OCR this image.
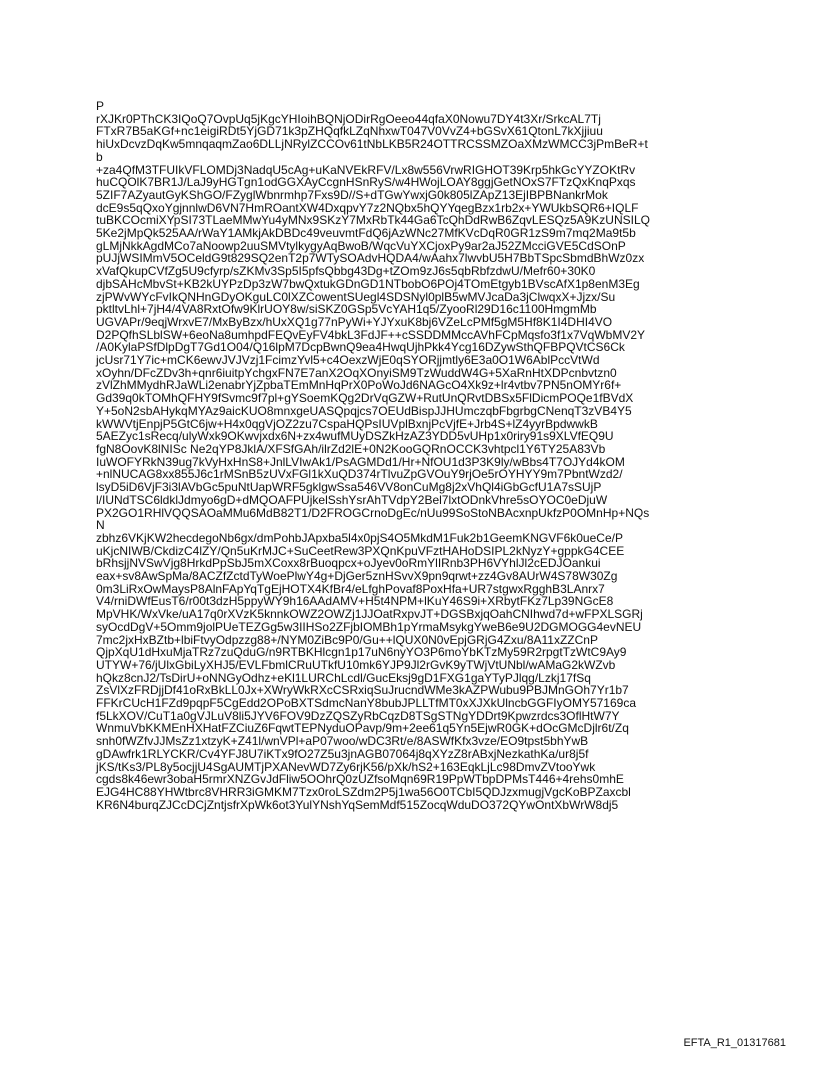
P
rXJKr0PThCK3IQoQ7OvpUq5jKgcYHIoihBQNjODirRgOeeo44qfaX0Nowu7DY4t3Xr/SrkcAL7Tj
FTxR7B5aKGf+nc1eigiRDt5YjGD71k3pZHQqfkLZqNhxwT047V0VvZ4+bGSvX61QtonL7kXjjiuu
hiUxDcvzDqKw5mnqaqmZao6DLLjNRylZCCOv61tNbLKB5R24OTTRCSSMZOaXMzWMCC3jPmBeR+t
b
+za4QfM3TFUIkVFLOMDj3NadqU5cAg+uKaNVEkRFV/Lx8w556VrwRIGHOT39Krp5hkGcYYZOKtRv
huCQOlK7BR1J/LaJ9yHGTgn1odGGXAyCcgnHSnRyS/w4HWojLOAY8ggjGetNOxS7FTzQxKnqPxqs
5ZIF7AZyautGyKShGO/FZyglWbnrmhp7Fxs9D//S+dTGwYwxjG0k805lZApZ13EjIBPBNankrMok
dcE9s5qQxoYgjnnlwD6VN7HmROantXW4DxqpvY7z2NQbx5hQYYqegBzx1rb2x+YWUkbSQR6+IQLF
tuBKCOcmiXYpSI73TLaeMMwYu4yMNx9SKzY7MxRbTk44Ga6TcQhDdRwB6ZqvLESQz5A9KzUNSILQ
5Ke2jMpQk525AA/rWaY1AMkjAkDBDc49veuvmtFdQ6jAzWNc27MfKVcDqR0GR1zS9m7mq2Ma9t5b
gLMjNkkAgdMCo7aNoowp2uuSMVtylkygyAqBwoB/WqcVuYXCjoxPy9ar2aJ52ZMcciGVE5CdSOnP
pUJjWSIMmV5OCeldG9t829SQ2enT2p7WTySOAdvHQDA4/wAahx7lwvbU5H7BbTSpcSbmdBhWz0zx
xVafQkupCVfZg5U9cfyrp/sZKMv3Sp5I5pfsQbbg43Dg+tZOm9zJ6s5qbRbfzdwU/Mefr60+30K0
djbSAHcMbvSt+KB2kUYPzDp3zW7bwQxtukGDnGD1NTbobO6POj4TOmEtgyb1BVscAfX1p8enM3Eg
zjPWvWYcFvIkQNHnGDyOKguLC0lXZCowentSUegl4SDSNyl0plB5wMVJcaDa3jClwqxX+Jjzx/Su
pktltvLhl+7jH4/4VA8RxtOfw9KlrUOY8w/siSKZ0GSp5VcYAH1q5/ZyooRl29D16c1100HmgmMb
UGVAPr/9eqjWrxvE7/MxByBzx/hUxXQ1g77nPyWi+YJYxuK8bj6VZeLcPMf5gM5Hf8K1I4DHI4VO
D2PQfhSLblSW+6eoNa8umhpdFEQvEyFV4bkL3FdJF++cSSDDMMccAVhFCpMqsfo3f1x7VqWbMV2Y
/A0KylaPSfDlpDgT7Gd1O04/Q16lpM7DcpBwnQ9ea4HwqUjhPkk4Ycg16DZywSthQFBPQVtCS6Ck
jcUsr71Y7ic+mCK6ewvJVJVzj1FcimzYvl5+c4OexzWjE0qSYORjjmtly6E3a0O1W6AblPccVtWd
xOyhn/DFcZDv3h+qnr6iuitpYchgxFN7E7anX2OqXOnyiSM9TzWuddW4G+5XaRnHtXDPcnbvtzn0
zVlZhMMydhRJaWLi2enabrYjZpbaTEmMnHqPrX0PoWoJd6NAGcO4Xk9z+lr4vtbv7PN5nOMYr6f+
Gd39q0kTOMhQFHY9fSvmc9f7pl+gYSoemKQg2DrVqGZW+RutUnQRvtDBSx5FlDicmPOQe1fBVdX
Y+5oN2sbAHykqMYAz9aicKUO8mnxgeUASQpqjcs7OEUdBispJJHUmczqbFbgrbgCNenqT3zVB4Y5
kWWVtjEnpjP5GtC6jw+H4x0qgVjOZ2zu7CspaHQPsIUVplBxnjPcVjfE+Jrb4S+lZ4yyrBpdwwkB
5AEZyc1sRecq/ulyWxk9OKwvjxdx6N+zx4wufMUyDSZkHzAZ3YDD5vUHp1x0riry91s9XLVfEQ9U
fgN8OovK8lNISc Ne2qYP8JklA/XFSfGAh/ilrZd2lE+0N2KooGQRnOCCK3vhtpcl1Y6TY25A83Vb
IuWOFYRkN39ug7kVyHxHnS8+JnlLVIwAk1/PsAGMDd1/Hr+NfOU1d3P3K9ly/wBbs4T7OJYd4kOM
+nlNUCAG8xx855J6c1rMSnB5zUVxFGl1kXuQD374rTlvuZpGVOuY9rjOe5rOYHYY9m7PbntWzd2/
lsyD5iD6VjF3i3lAVbGc5puNtUapWRF5gklgwSsa546VV8onCuMg8j2xVhQl4iGbGcfU1A7sSUjP
l/IUNdTSC6ldklJdmyo6gD+dMQOAFPUjkelSshYsrAhTVdpY2Bel7lxtODnkVhre5sOYOC0eDjuW
PX2GO1RHlVQQSAOaMMu6MdB82T1/D2FROGCrnoDgEc/nUu99SoStoNBAcxnpUkfzP0OMnHp+NQs
N
zbhz6VKjKW2hecdegoNb6gx/dmPohbJApxba5l4x0pjS4O5MkdM1Fuk2b1GeemKNGVF6k0ueCe/P
uKjcNIWB/CkdizC4lZY/Qn5uKrMJC+SuCeetRew3PXQnKpuVFztHAHoDSIPL2kNyzY+gppkG4CEE
bRhsjjNVSwVjg8HrkdPpSbJ5mXCoxx8rBuoqpcx+oJyev0oRmYlIRnb3PH6VYhlJl2cEDJOankui
eax+sv8AwSpMa/8ACZfZctdTyWoePlwY4g+DjGer5znHSvvX9pn9qrwt+zz4Gv8AUrW4S78W30Zg
0m3LiRxOwMaysP8AlnFApYqTgEjHOTX4KfBr4/eLfghPovaf8PoxHfa+UR7stgwxRgghB3LAnrx7
V4/rniDWfEusT6/r00t3dzH5ppyWY9h16AAdAMV+H5t4NPM+lKuY46S9i+XRbytFKz7Lp39NGcE8
MpVHK/WxVke/uA17q0rXVzK5knnkOWZ2OWZj1JJOatRxpvJT+DGSBxjqOahCNIhwd7d+wFPXLSGRj
syOcdDgV+5Omm9jolPUeTEZGg5w3IIHSo2ZFjbIOMBh1pYrmaMsykgYweB6e9U2DGMOGG4evNEU
7mc2jxHxBZtb+lbiFtvyOdpzzg88+/NYM0ZiBc9P0/Gu++lQUX0N0vEpjGRjG4Zxu/8A11xZZCnP
QjpXqU1dHxuMjaTRz7zuQduG/n9RTBKHlcgn1p17uN6nyYO3P6moYbKTzMy59R2rpgtTzWtC9Ay9
UTYW+76/jUlxGbiLyXHJ5/EVLFbmlCRuUTkfU10mk6YJP9Jl2rGvK9yTWjVtUNbl/wAMaG2kWZvb
hQkz8cnJ2/TsDirU+oNNGyOdhz+eKl1LURChLcdl/GucEksj9gD1FXG1gaYTyPJlqg/Lzkj17fSq
ZsVlXzFRDjjDf41oRxBkLL0Jx+XWryWkRXcCSRxiqSuJrucndWMe3kAZPWubu9PBJMnGOh7Yr1b7
FFKrCUcH1FZd9pqpF5CgEdd2OPoBXTSdmcNanY8bubJPLLTfMT0xXJXkUlncbGGFIyOMY57169ca
f5LkXOV/CuT1a0gVJLuV8li5JYV6FOV9DzZQSZyRbCqzD8TSgSTNgYDDrt9Kpwzrdcs3OflHtW7Y
WnmuVbKKMEnHXHatFZCiuZ6FqwtTEPNyduOPavp/9m+2ee61q5Yn5EjwR0GK+dOcGMcDjlr6t/Zq
snh0fWZfvJJMsZz1xtzyK+Z41l/wnVPl+aP07woo/wDC3Rt/e/8ASWfKfx3vze/EO9tpst5bhYwB
gDAwfrk1RLYCKR/Cv4YFJ8U7iKTx9fO27Z5u3jnAGB07064j8qXYzZ8rABxjNezkathKa/ur8j5f
jKS/tKs3/PL8y5ocjjU4SgAUMTjPXANevWD7Zy6rjK56/pXk/hS2+163EqkLjLc98DmvZVtooYwk
cgds8k46ewr3obaH5rmrXNZGvJdFliw5OOhrQ0zUZfsoMqn69R19PpWTbpDPMsT446+4rehs0mhE
EJG4HC88YHWtbrc8VHRR3iGMKM7Tzx0roLSZdm2P5j1wa56O0TCbI5QDJzxmugjVgcKoBPZaxcbl
KR6N4burqZJCcDCjZntjsfrXpWk6ot3YulYNshYqSemMdf515ZocqWduDO372QYwOntXbWrW8dj5
EFTA_R1_01317681
